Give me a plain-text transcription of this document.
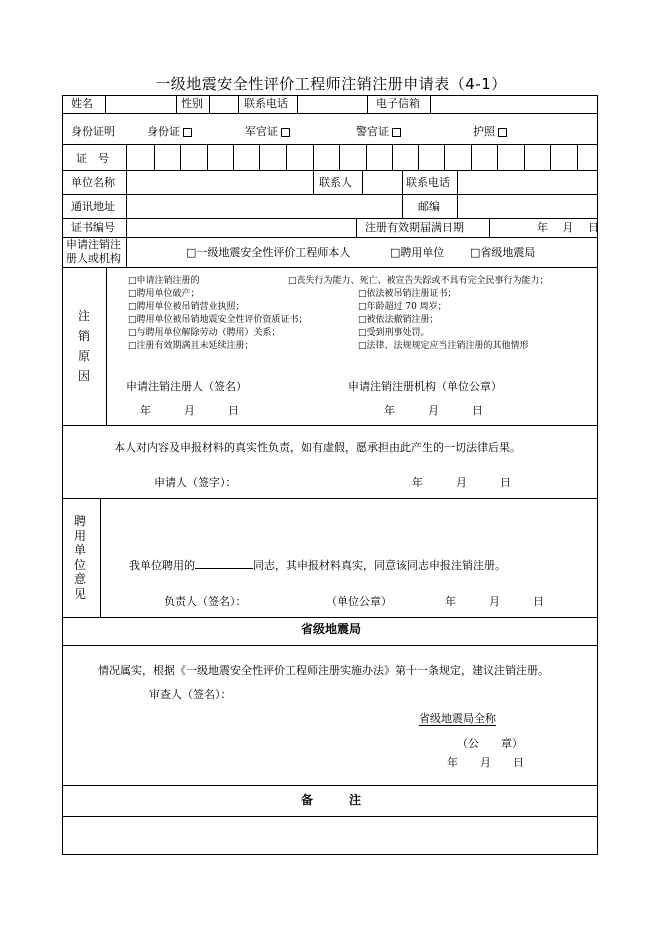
一级地震安全性评价工程师注销注册申请表（4-1）
姓名	性别	联系电话	电子信箱
身份证明	身份证	军官证	警官证	护照
证　号
单位名称	联系人	联系电话
通讯地址	邮编
证书编号	注册有效期届满日期	年　 月　 日
申请注销注
册人或机构	□一级地震安全性评价工程师本人	□聘用单位 □省级地震局
注销原因
□申请注销注册的
□聘用单位破产；
□聘用单位被吊销营业执照；
□聘用单位被吊销地震安全性评价资质证书；
□与聘用单位解除劳动（聘用）关系；
□注册有效期满且未延续注册；
□丧失行为能力、死亡、被宣告失踪或不具有完全民事行为能力；
□依法被吊销注册证书；
□年龄超过 70 周岁；
□被依法撤销注册；
□受到刑事处罚。
□法律、法规规定应当注销注册的其他情形
申请注销注册人（签名）	申请注销注册机构（单位公章）
年　　　月　　　日	年　　　月　　　日
本人对内容及申报材料的真实性负责，如有虚假，愿承担由此产生的一切法律后果。
申请人（签字）：	年　　　月　　　日
聘用单位意见
我单位聘用的	同志，其申报材料真实，同意该同志申报注销注册。
负责人（签名）：	（单位公章）	年　　　月　　　日
省级地震局
情况属实，根据《一级地震安全性评价工程师注册实施办法》第十一条规定，建议注销注册。
审查人（签名）：
省级地震局全称
（公　　章）
年　　月　　日
备　　　注
